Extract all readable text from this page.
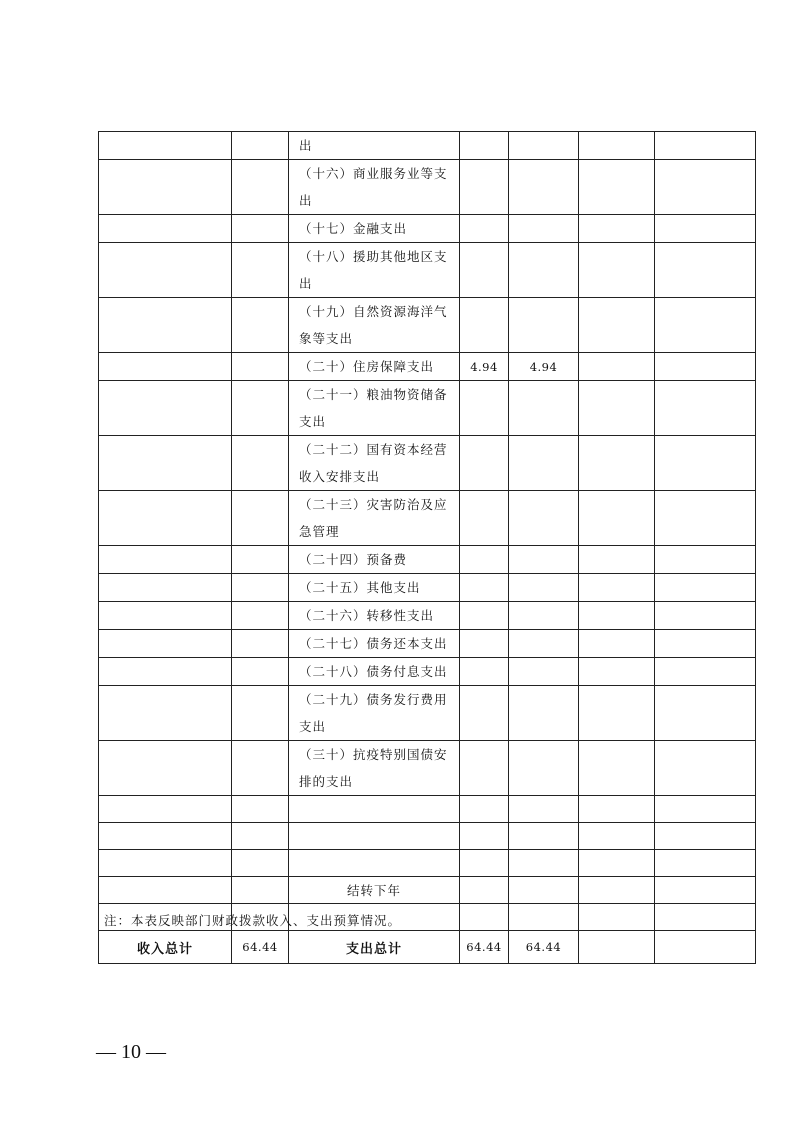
		出				
		（十六）商业服务业等支出				
		（十七）金融支出				
		（十八）援助其他地区支出				
		（十九）自然资源海洋气象等支出				
		（二十）住房保障支出	4.94	4.94		
		（二十一）粮油物资储备支出				
		（二十二）国有资本经营收入安排支出				
		（二十三）灾害防治及应急管理				
		（二十四）预备费				
		（二十五）其他支出				
		（二十六）转移性支出				
		（二十七）债务还本支出				
		（二十八）债务付息支出				
		（二十九）债务发行费用支出				
		（三十）抗疫特别国债安排的支出				

		结转下年				

收入总计	64.44	支出总计	64.44	64.44		
注：本表反映部门财政拨款收入、支出预算情况。
— 10 —
